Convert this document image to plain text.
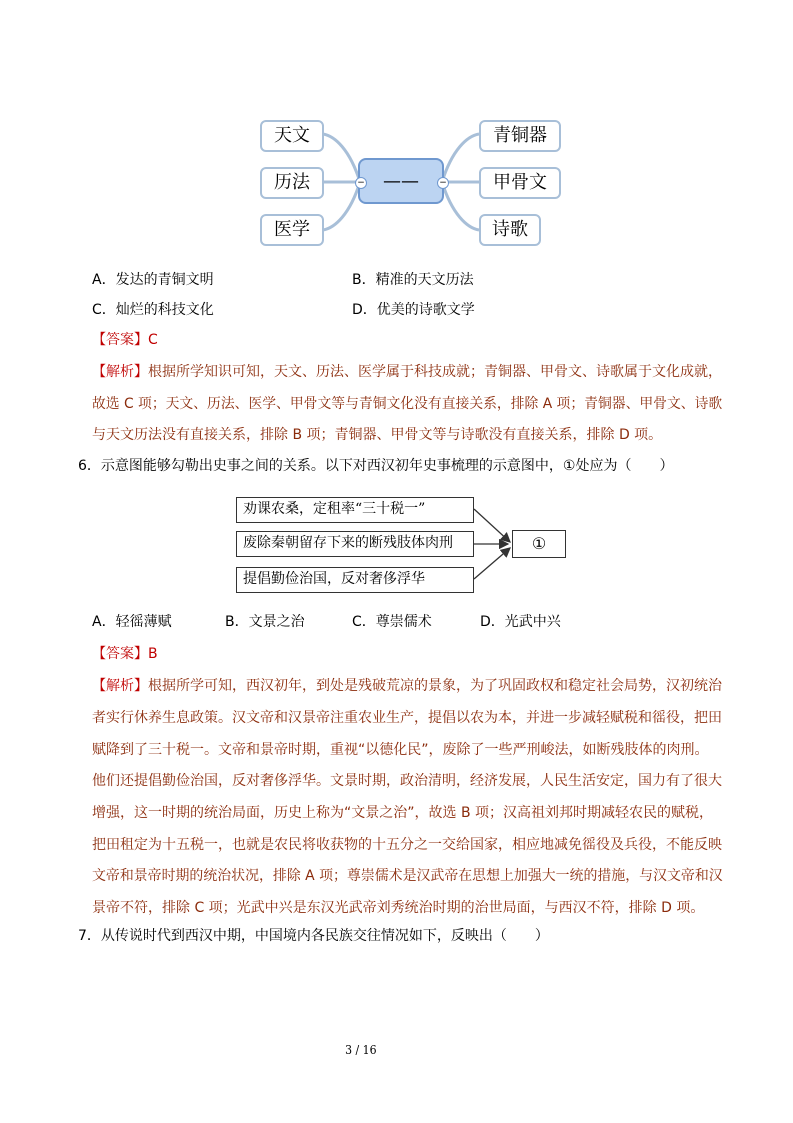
天文
历法
医学
青铜器
甲骨文
诗歌
——
−	−
A．发达的青铜文明	B．精准的天文历法
C．灿烂的科技文化	D．优美的诗歌文学
【答案】C
【解析】根据所学知识可知，天文、历法、医学属于科技成就；青铜器、甲骨文、诗歌属于文化成就，
故选 C 项；天文、历法、医学、甲骨文等与青铜文化没有直接关系，排除 A 项；青铜器、甲骨文、诗歌
与天文历法没有直接关系，排除 B 项；青铜器、甲骨文等与诗歌没有直接关系，排除 D 项。
6．示意图能够勾勒出史事之间的关系。以下对西汉初年史事梳理的示意图中，①处应为（　　）
劝课农桑，定租率“三十税一”
废除秦朝留存下来的断残肢体肉刑
提倡勤俭治国，反对奢侈浮华
①
A．轻徭薄赋	B．文景之治	C．尊崇儒术	D．光武中兴
【答案】B
【解析】根据所学可知，西汉初年，到处是残破荒凉的景象，为了巩固政权和稳定社会局势，汉初统治
者实行休养生息政策。汉文帝和汉景帝注重农业生产，提倡以农为本，并进一步减轻赋税和徭役，把田
赋降到了三十税一。文帝和景帝时期，重视“以德化民”，废除了一些严刑峻法，如断残肢体的肉刑。
他们还提倡勤俭治国，反对奢侈浮华。文景时期，政治清明，经济发展，人民生活安定，国力有了很大
增强，这一时期的统治局面，历史上称为“文景之治”，故选 B 项；汉高祖刘邦时期减轻农民的赋税，
把田租定为十五税一，也就是农民将收获物的十五分之一交给国家，相应地减免徭役及兵役，不能反映
文帝和景帝时期的统治状况，排除 A 项；尊崇儒术是汉武帝在思想上加强大一统的措施，与汉文帝和汉
景帝不符，排除 C 项；光武中兴是东汉光武帝刘秀统治时期的治世局面，与西汉不符，排除 D 项。
7．从传说时代到西汉中期，中国境内各民族交往情况如下，反映出（　　）
3 / 16
